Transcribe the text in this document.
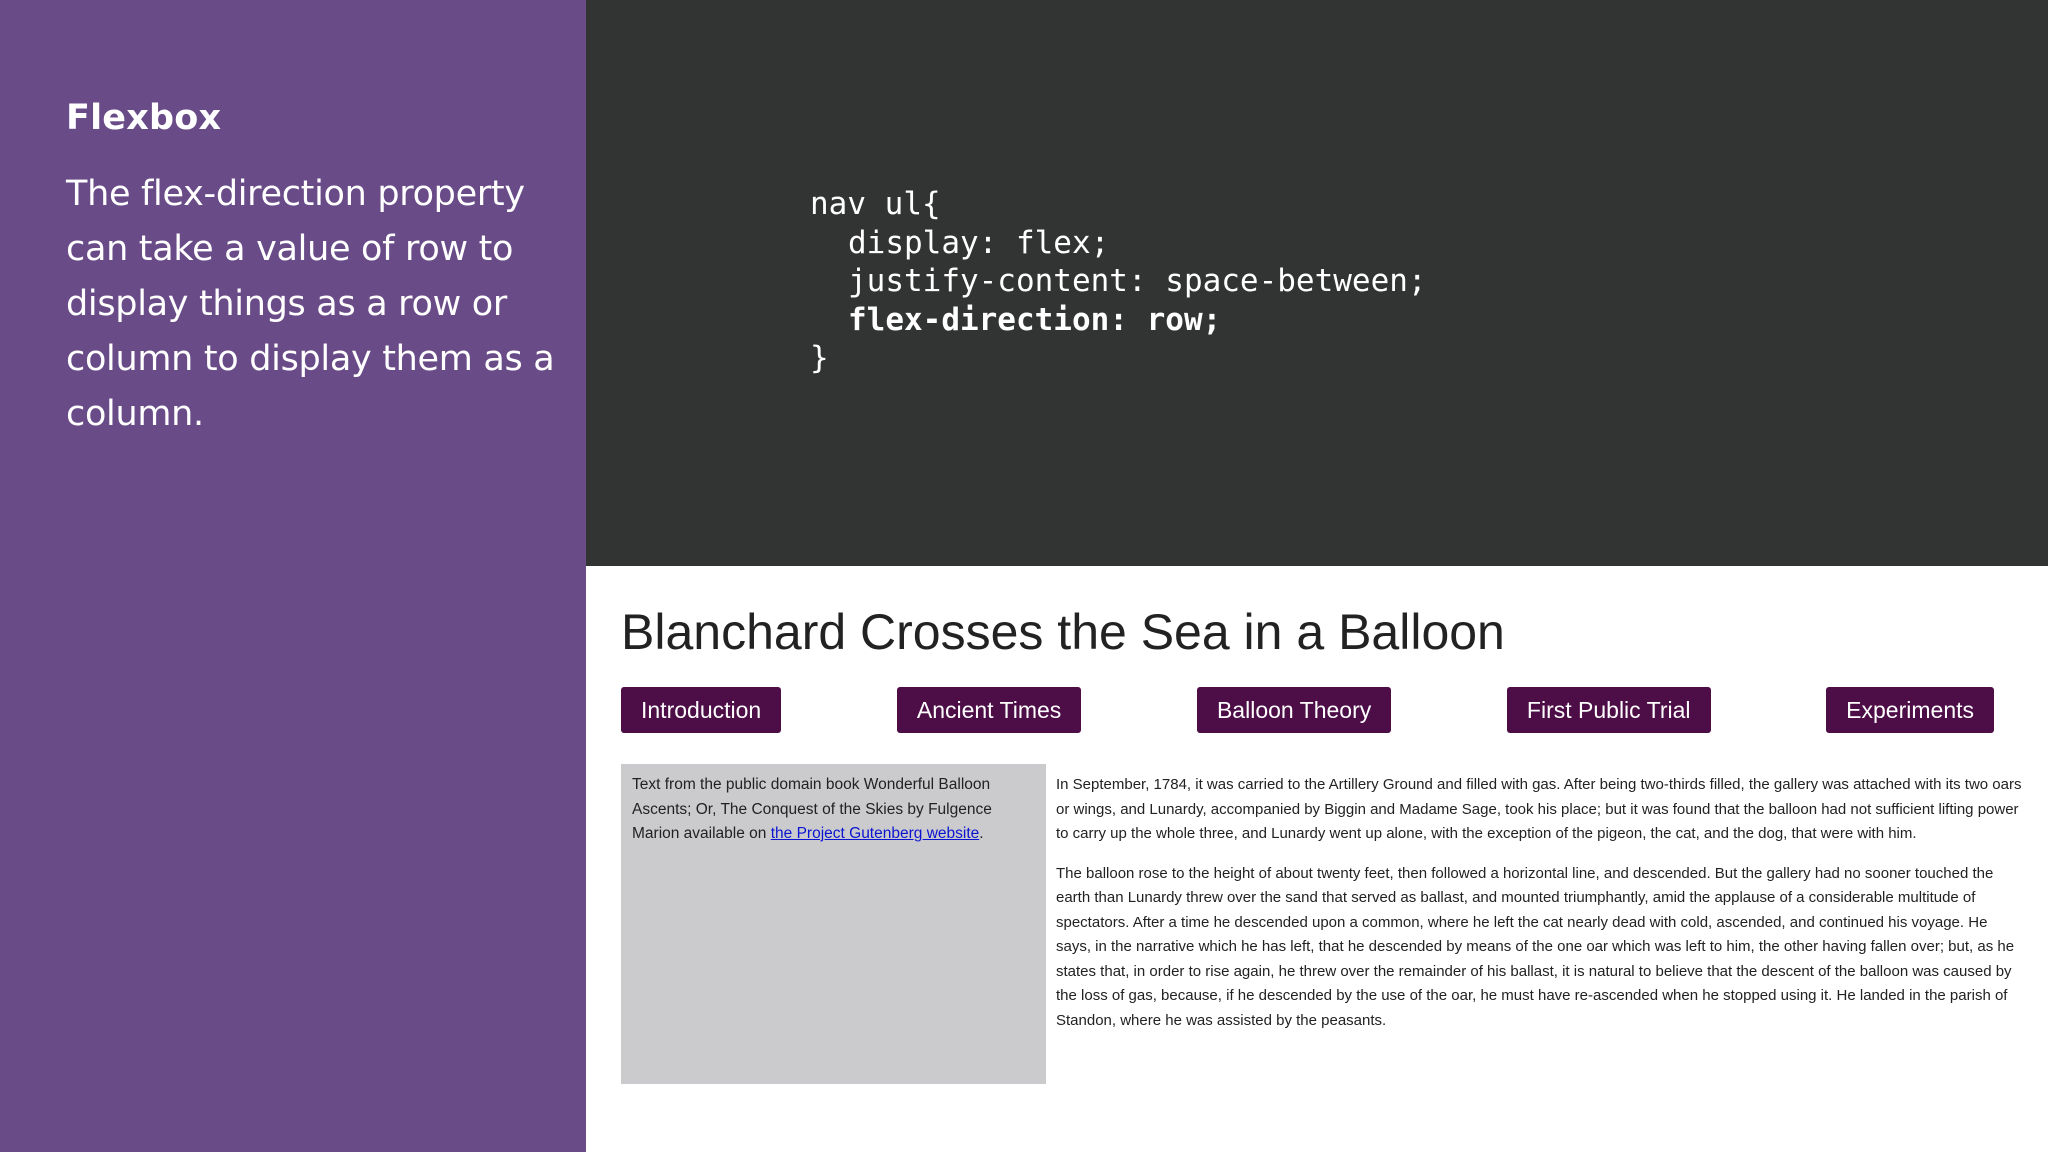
Flexbox

The flex-direction property can take a value of row to display things as a row or column to display them as a column.

nav ul{
display: flex;
justify-content: space-between;
flex-direction: row;
}
Blanchard Crosses the Sea in a Balloon
Introduction	Ancient Times	Balloon Theory	First Public Trial	Experiments
Text from the public domain book Wonderful Balloon Ascents; Or, The Conquest of the Skies by Fulgence Marion available on the Project Gutenberg website.

In September, 1784, it was carried to the Artillery Ground and filled with gas. After being two-thirds filled, the gallery was attached with its two oars or wings, and Lunardy, accompanied by Biggin and Madame Sage, took his place; but it was found that the balloon had not sufficient lifting power to carry up the whole three, and Lunardy went up alone, with the exception of the pigeon, the cat, and the dog, that were with him.

The balloon rose to the height of about twenty feet, then followed a horizontal line, and descended. But the gallery had no sooner touched the earth than Lunardy threw over the sand that served as ballast, and mounted triumphantly, amid the applause of a considerable multitude of spectators. After a time he descended upon a common, where he left the cat nearly dead with cold, ascended, and continued his voyage. He says, in the narrative which he has left, that he descended by means of the one oar which was left to him, the other having fallen over; but, as he states that, in order to rise again, he threw over the remainder of his ballast, it is natural to believe that the descent of the balloon was caused by the loss of gas, because, if he descended by the use of the oar, he must have re-ascended when he stopped using it. He landed in the parish of Standon, where he was assisted by the peasants.
